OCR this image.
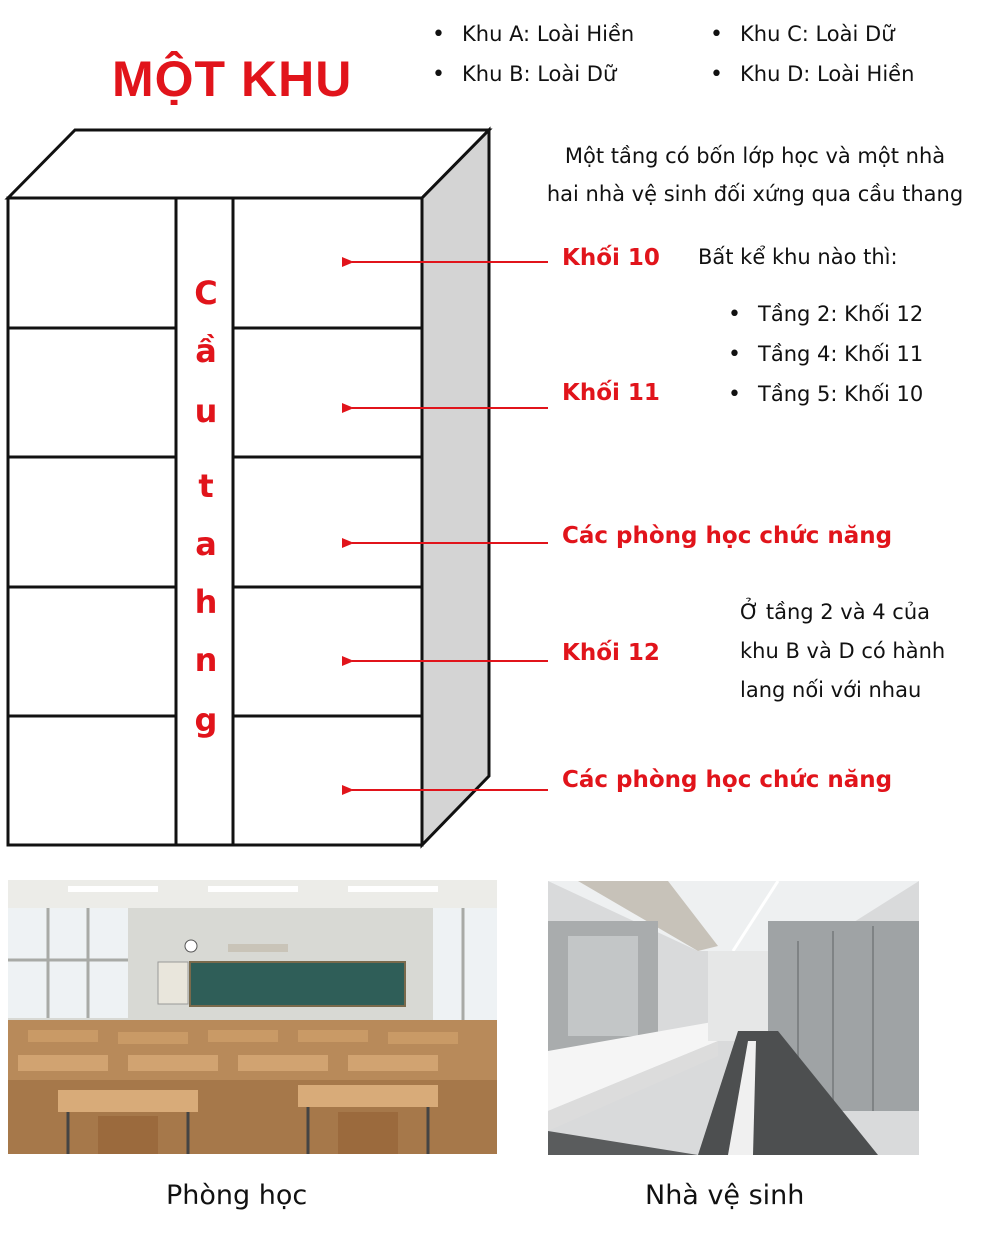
MỘT KHU
• Khu A: Loài Hiền
• Khu B: Loài Dữ
• Khu C: Loài Dữ
• Khu D: Loài Hiền
Một tầng có bốn lớp học và một nhà
hai nhà vệ sinh đối xứng qua cầu thang
C
ầ
u
t
a
h
n
g
Khối 10
Khối 11
Các phòng học chức năng
Khối 12
Các phòng học chức năng
Bất kể khu nào thì:
• Tầng 2: Khối 12
• Tầng 4: Khối 11
• Tầng 5: Khối 10
Ở tầng 2 và 4 của
khu B và D có hành
lang nối với nhau
Phòng học	Nhà vệ sinh
